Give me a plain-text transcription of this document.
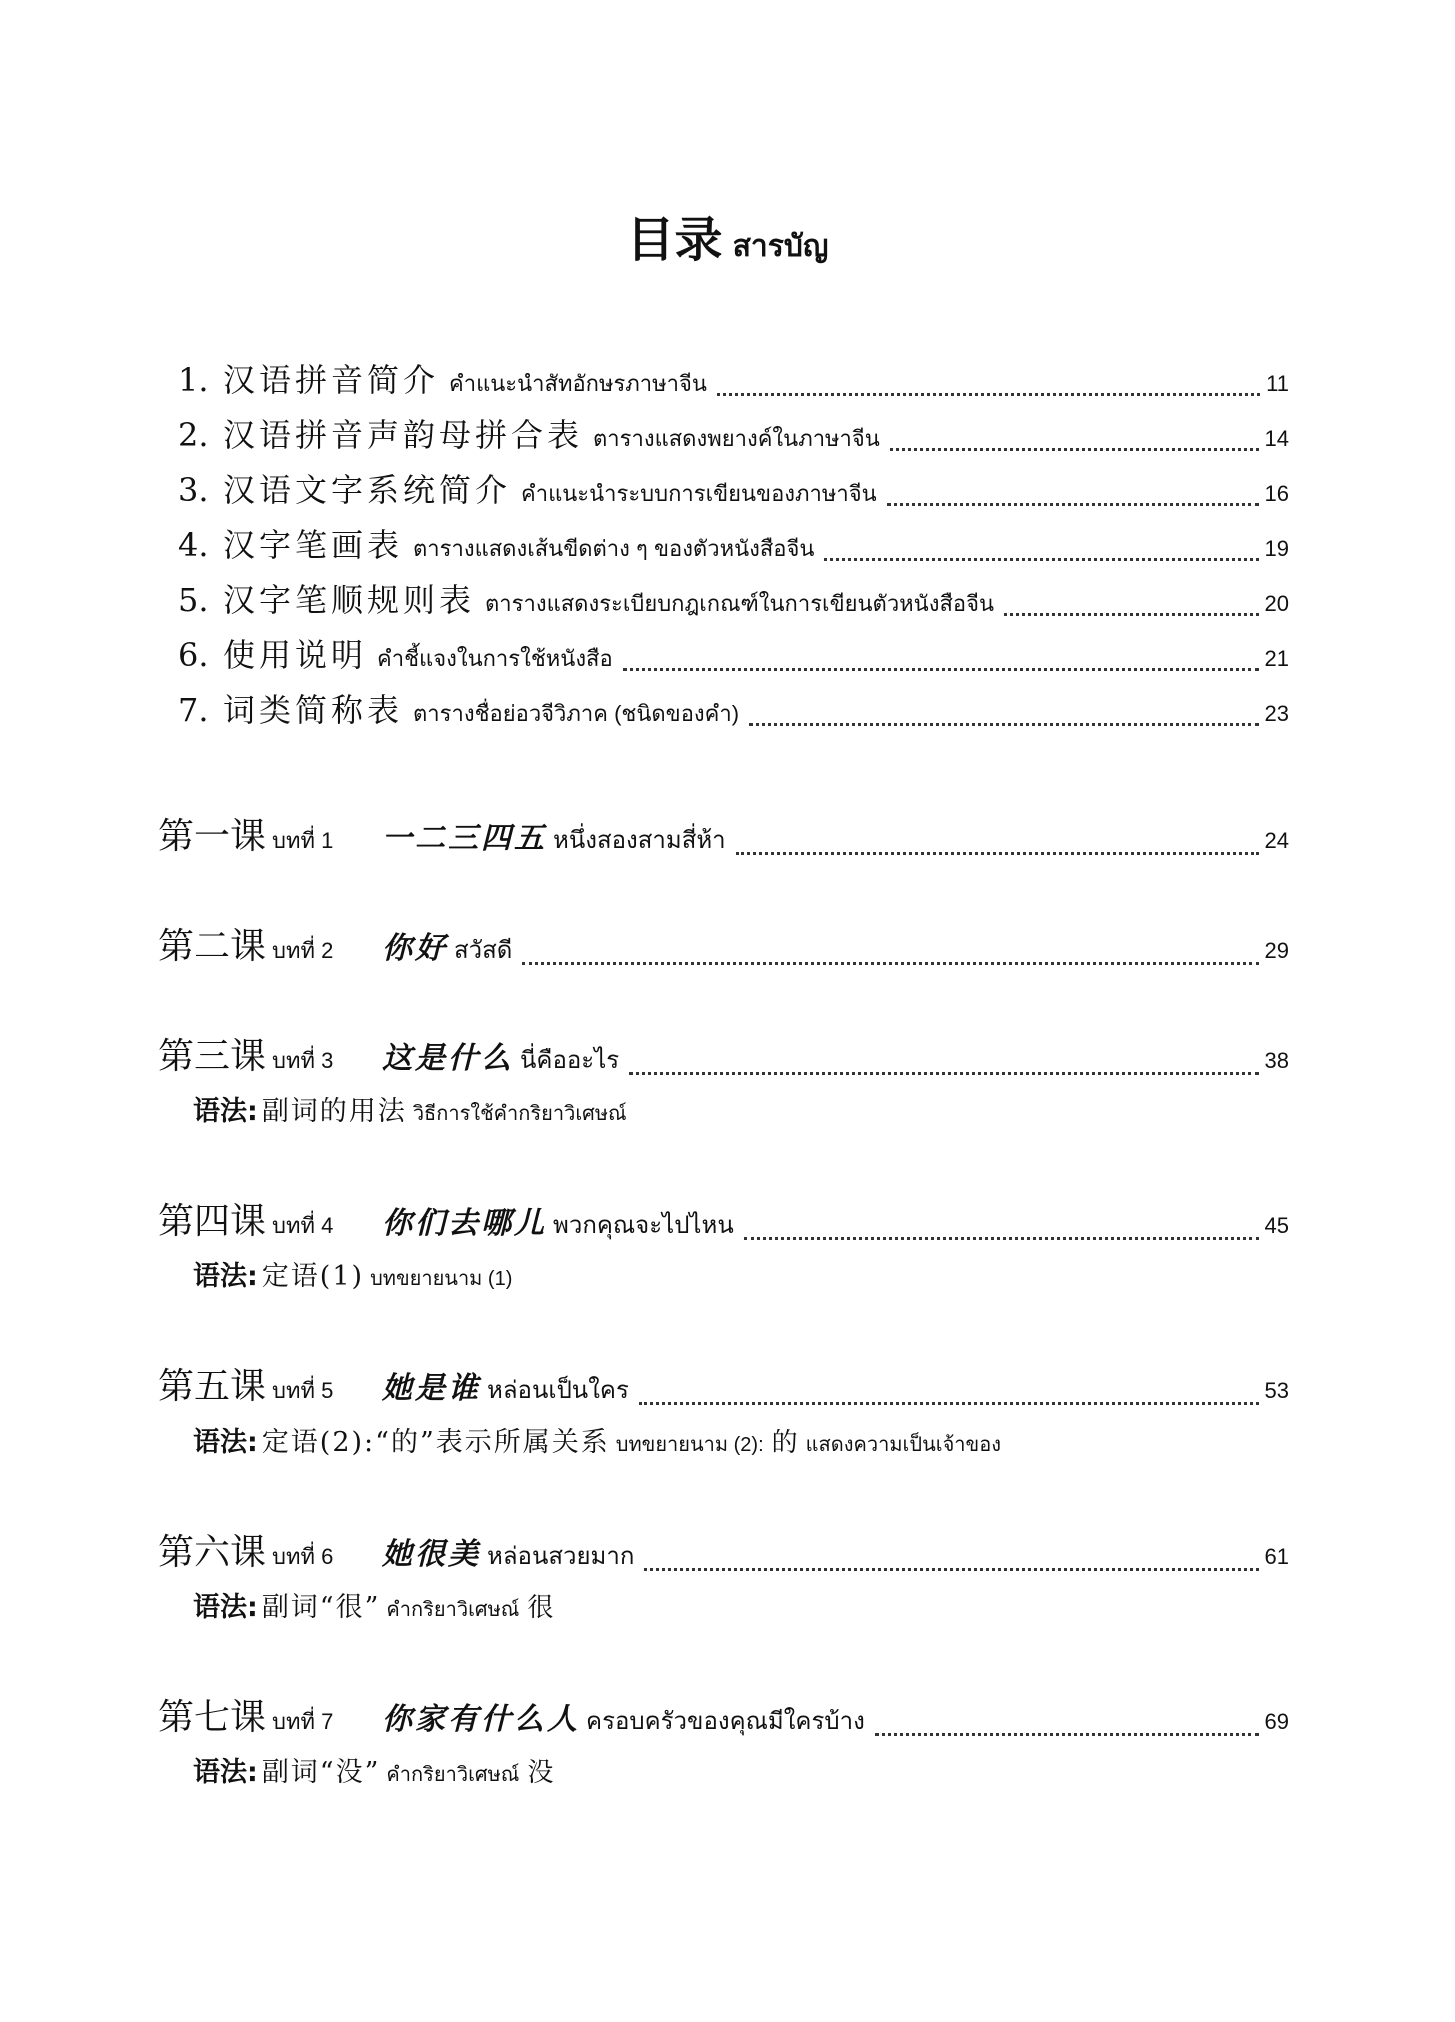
目录 สารบัญ
1. 汉语拼音简介 คำแนะนำสัทอักษรภาษาจีน	11
2. 汉语拼音声韵母拼合表 ตารางแสดงพยางค์ในภาษาจีน	14
3. 汉语文字系统简介 คำแนะนำระบบการเขียนของภาษาจีน	16
4. 汉字笔画表 ตารางแสดงเส้นขีดต่าง ๆ ของตัวหนังสือจีน	19
5. 汉字笔顺规则表 ตารางแสดงระเบียบกฎเกณฑ์ในการเขียนตัวหนังสือจีน	20
6. 使用说明 คำชี้แจงในการใช้หนังสือ	21
7. 词类简称表 ตารางชื่อย่อวจีวิภาค (ชนิดของคำ)	23
第一课 บทที่ 1	一二三四五 หนึ่งสองสามสี่ห้า	24
第二课 บทที่ 2	你好 สวัสดี	29
第三课 บทที่ 3	这是什么 นี่คืออะไร	38
语法: 副词的用法 วิธีการใช้คำกริยาวิเศษณ์
第四课 บทที่ 4	你们去哪儿 พวกคุณจะไปไหน	45
语法: 定语(1) บทขยายนาม (1)
第五课 บทที่ 5	她是谁 หล่อนเป็นใคร	53
语法: 定语(2):“的”表示所属关系 บทขยายนาม (2): 的 แสดงความเป็นเจ้าของ
第六课 บทที่ 6	她很美 หล่อนสวยมาก	61
语法: 副词“很” คำกริยาวิเศษณ์ 很
第七课 บทที่ 7	你家有什么人 ครอบครัวของคุณมีใครบ้าง	69
语法: 副词“没” คำกริยาวิเศษณ์ 没
